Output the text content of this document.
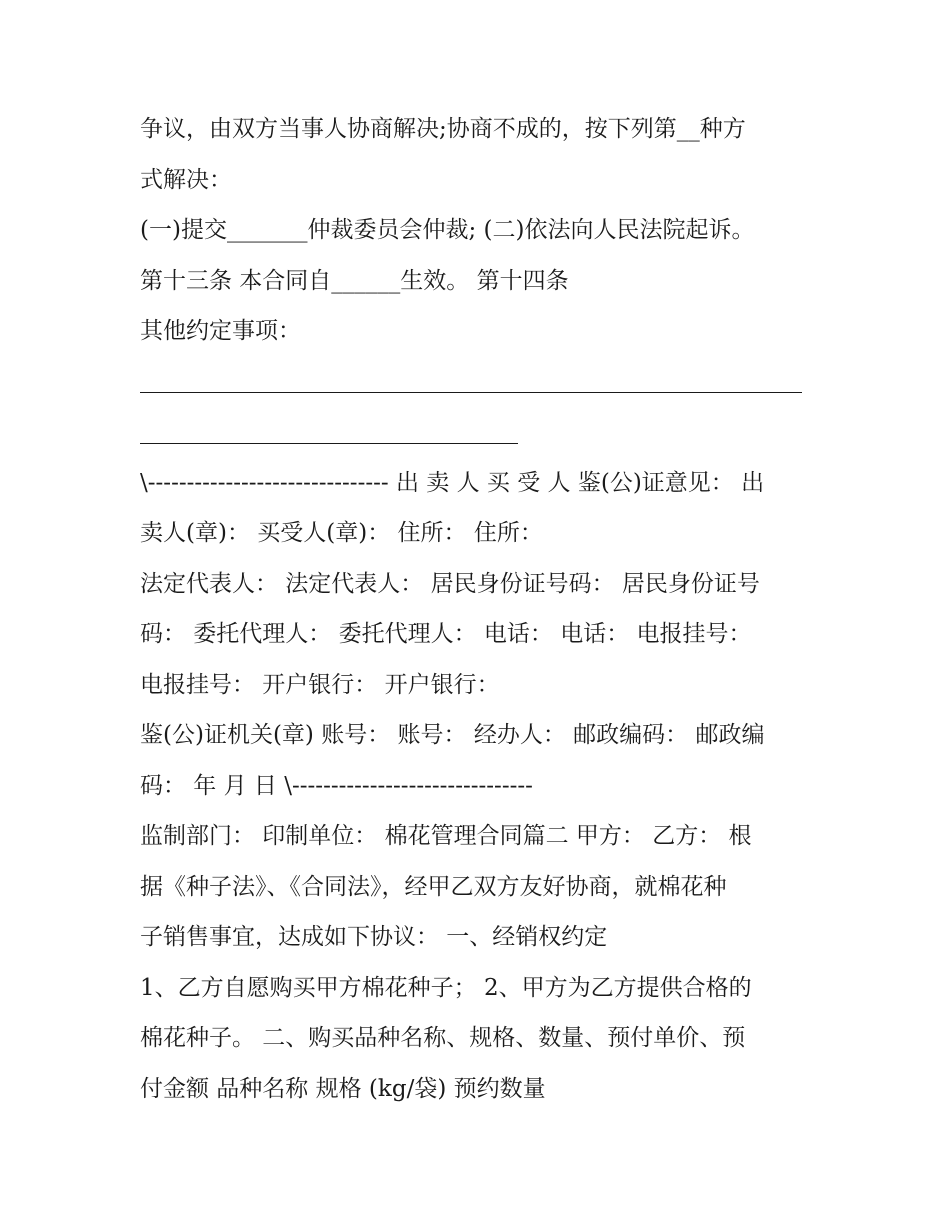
争议，由双方当事人协商解决;协商不成的，按下列第__种方
式解决：
(一)提交_______仲裁委员会仲裁; (二)依法向人民法院起诉。
第十三条 本合同自______生效。 第十四条
其他约定事项：
\------------------------------- 出 卖 人 买 受 人 鉴(公)证意见： 出
卖人(章)： 买受人(章)： 住所： 住所：
法定代表人： 法定代表人： 居民身份证号码： 居民身份证号
码： 委托代理人： 委托代理人： 电话： 电话： 电报挂号：
电报挂号： 开户银行： 开户银行：
鉴(公)证机关(章) 账号： 账号： 经办人： 邮政编码： 邮政编
码： 年 月 日 \-------------------------------
监制部门： 印制单位： 棉花管理合同篇二 甲方： 乙方： 根
据《种子法》、《合同法》，经甲乙双方友好协商，就棉花种
子销售事宜，达成如下协议： 一、经销权约定
1、乙方自愿购买甲方棉花种子； 2、甲方为乙方提供合格的
棉花种子。 二、购买品种名称、规格、数量、预付单价、预
付金额 品种名称 规格 (kg/袋) 预约数量
